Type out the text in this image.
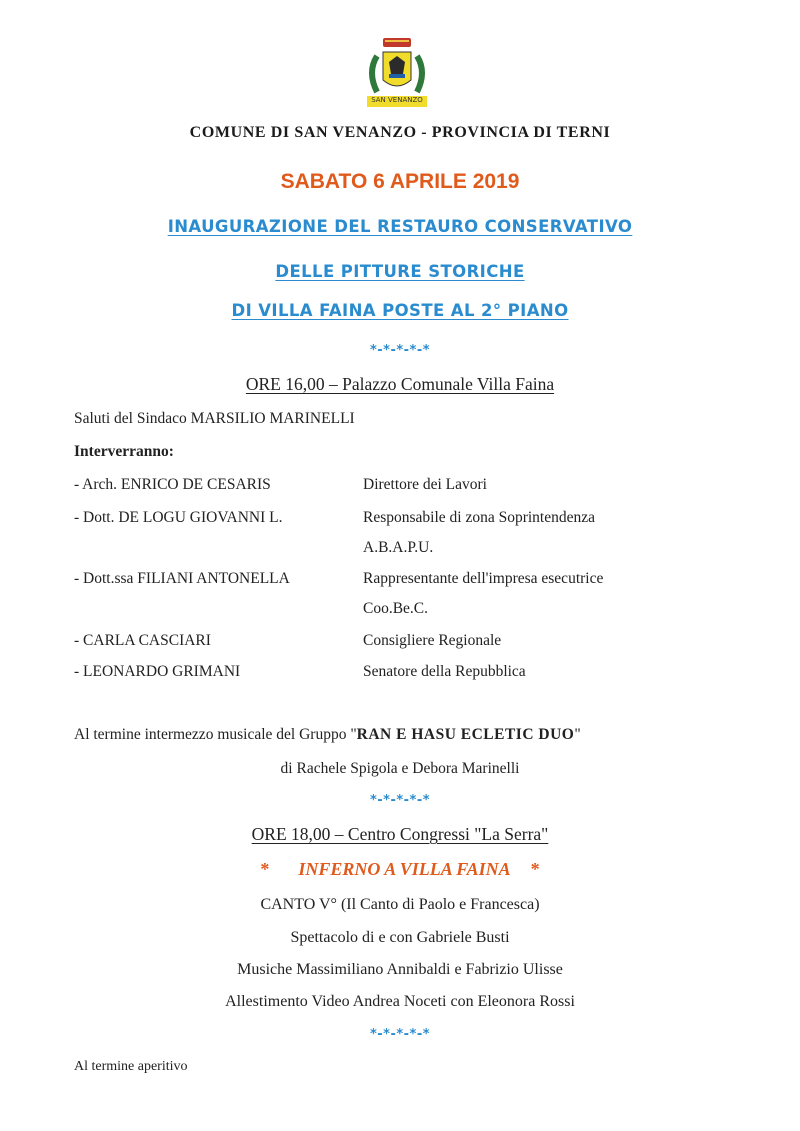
SAN VENANZO
COMUNE DI SAN VENANZO - PROVINCIA DI TERNI
SABATO 6 APRILE 2019
INAUGURAZIONE DEL RESTAURO CONSERVATIVO
DELLE PITTURE STORICHE
DI VILLA FAINA POSTE AL 2° PIANO
*-*-*-*-*
ORE 16,00 – Palazzo Comunale Villa Faina
Saluti del Sindaco MARSILIO MARINELLI
Interverranno:
- Arch. ENRICO DE CESARIS	Direttore dei Lavori
- Dott. DE LOGU GIOVANNI L.	Responsabile di zona Soprintendenza
A.B.A.P.U.
- Dott.ssa FILIANI ANTONELLA	Rappresentante dell'impresa esecutrice
Coo.Be.C.
- CARLA CASCIARI	Consigliere Regionale
- LEONARDO GRIMANI	Senatore della Repubblica
Al termine intermezzo musicale del Gruppo "RAN E HASU ECLETIC DUO"
di Rachele Spigola e Debora Marinelli
*-*-*-*-*
ORE 18,00 – Centro Congressi "La Serra"
* INFERNO A VILLA FAINA *
CANTO V° (Il Canto di Paolo e Francesca)
Spettacolo di e con Gabriele Busti
Musiche Massimiliano Annibaldi e Fabrizio Ulisse
Allestimento Video Andrea Noceti con Eleonora Rossi
*-*-*-*-*
Al termine aperitivo
